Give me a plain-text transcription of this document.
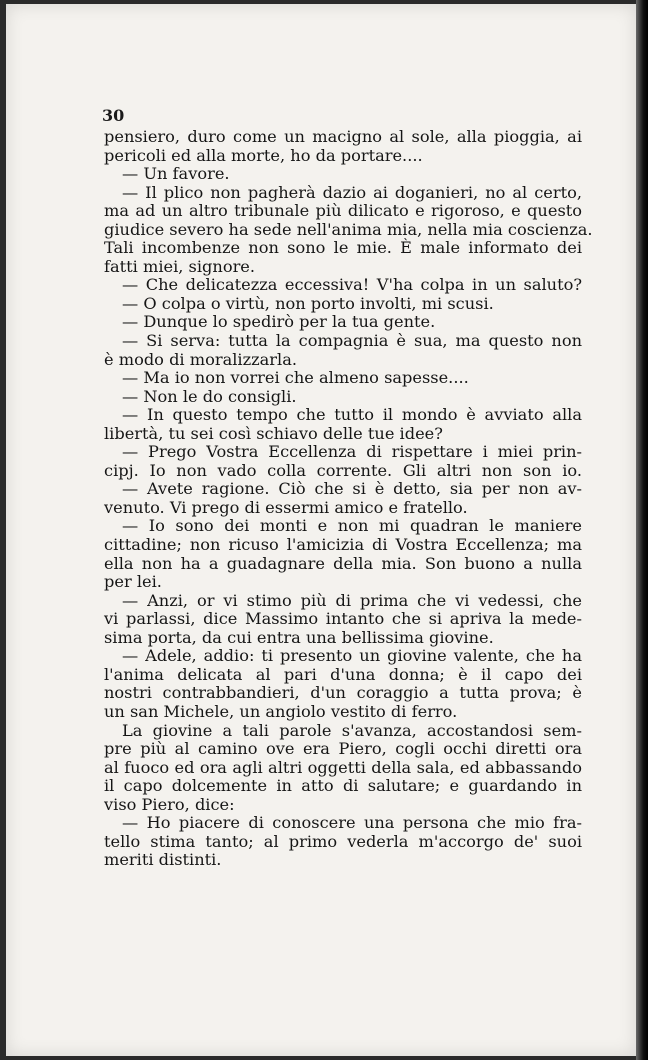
30
pensiero, duro come un macigno al sole, alla pioggia, ai
pericoli ed alla morte, ho da portare....
— Un favore.
— Il plico non pagherà dazio ai doganieri, no al certo,
ma ad un altro tribunale più dilicato e rigoroso, e questo
giudice severo ha sede nell'anima mia, nella mia coscienza.
Tali incombenze non sono le mie. È male informato dei
fatti miei, signore.
— Che delicatezza eccessiva! V'ha colpa in un saluto?
— O colpa o virtù, non porto involti, mi scusi.
— Dunque lo spedirò per la tua gente.
— Si serva: tutta la compagnia è sua, ma questo non
è modo di moralizzarla.
— Ma io non vorrei che almeno sapesse....
— Non le do consigli.
— In questo tempo che tutto il mondo è avviato alla
libertà, tu sei così schiavo delle tue idee?
— Prego Vostra Eccellenza di rispettare i miei prin-
cipj. Io non vado colla corrente. Gli altri non son io.
— Avete ragione. Ciò che si è detto, sia per non av-
venuto. Vi prego di essermi amico e fratello.
— Io sono dei monti e non mi quadran le maniere
cittadine; non ricuso l'amicizia di Vostra Eccellenza; ma
ella non ha a guadagnare della mia. Son buono a nulla
per lei.
— Anzi, or vi stimo più di prima che vi vedessi, che
vi parlassi, dice Massimo intanto che si apriva la mede-
sima porta, da cui entra una bellissima giovine.
— Adele, addio: ti presento un giovine valente, che ha
l'anima delicata al pari d'una donna; è il capo dei
nostri contrabbandieri, d'un coraggio a tutta prova; è
un san Michele, un angiolo vestito di ferro.
La giovine a tali parole s'avanza, accostandosi sem-
pre più al camino ove era Piero, cogli occhi diretti ora
al fuoco ed ora agli altri oggetti della sala, ed abbassando
il capo dolcemente in atto di salutare; e guardando in
viso Piero, dice:
— Ho piacere di conoscere una persona che mio fra-
tello stima tanto; al primo vederla m'accorgo de' suoi
meriti distinti.
